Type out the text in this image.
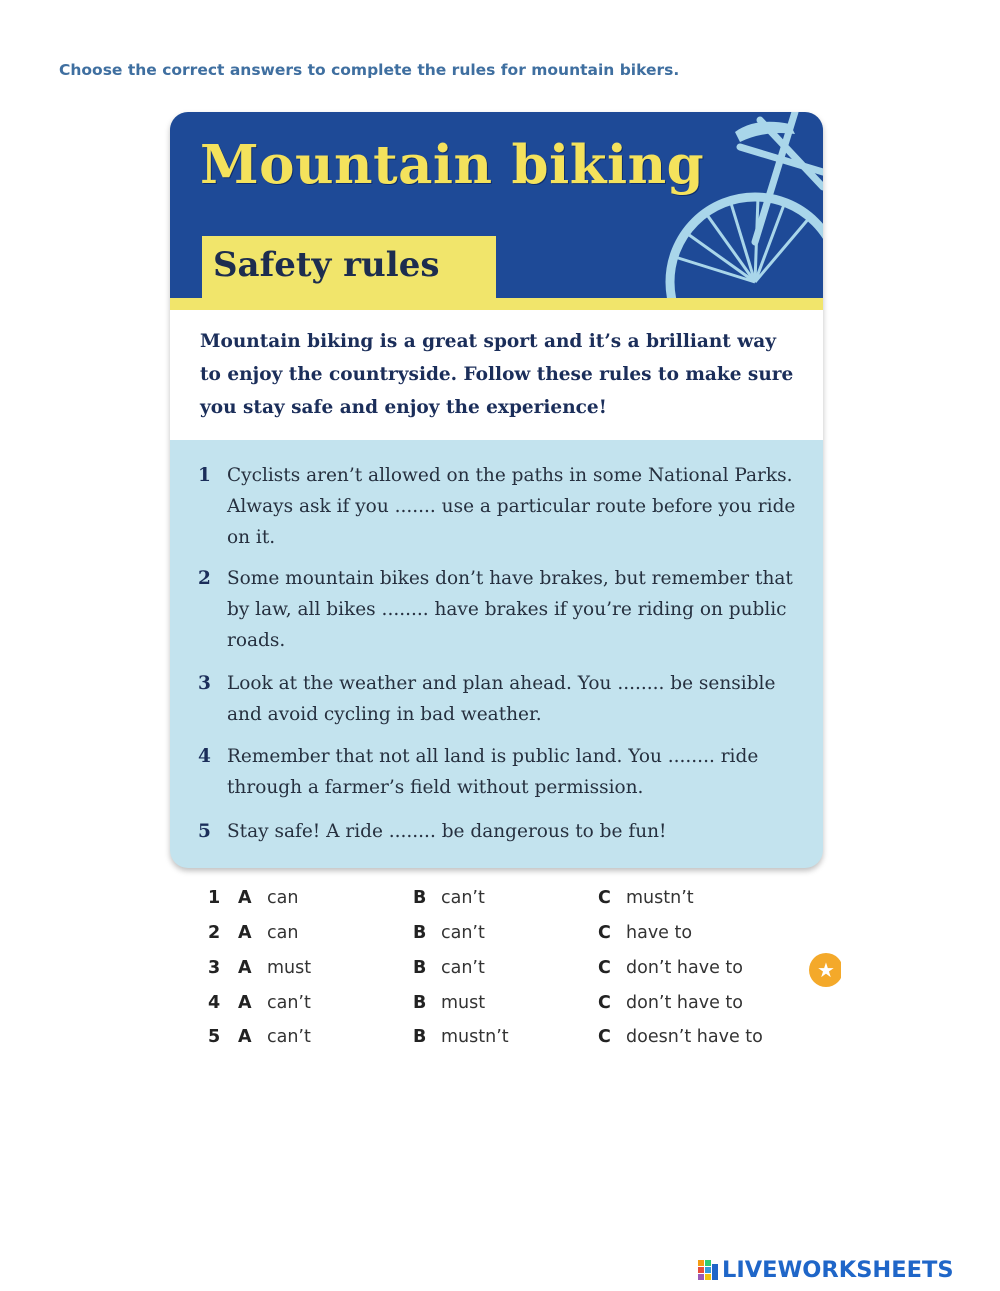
Choose the correct answers to complete the rules for mountain bikers.
Mountain biking
Safety rules
Mountain biking is a great sport and it’s a brilliant way to enjoy the countryside. Follow these rules to make sure you stay safe and enjoy the experience!
1 Cyclists aren’t allowed on the paths in some National Parks. Always ask if you ....... use a particular route before you ride on it.
2 Some mountain bikes don’t have brakes, but remember that by law, all bikes ........ have brakes if you’re riding on public roads.
3 Look at the weather and plan ahead. You ........ be sensible and avoid cycling in bad weather.
4 Remember that not all land is public land. You ........ ride through a farmer’s field without permission.
5 Stay safe! A ride ........ be dangerous to be fun!
1 A can	B can’t	C mustn’t
2 A can	B can’t	C have to
3 A must	B can’t	C don’t have to
4 A can’t	B must	C don’t have to
5 A can’t	B mustn’t	C doesn’t have to
★
LIVEWORKSHEETS
